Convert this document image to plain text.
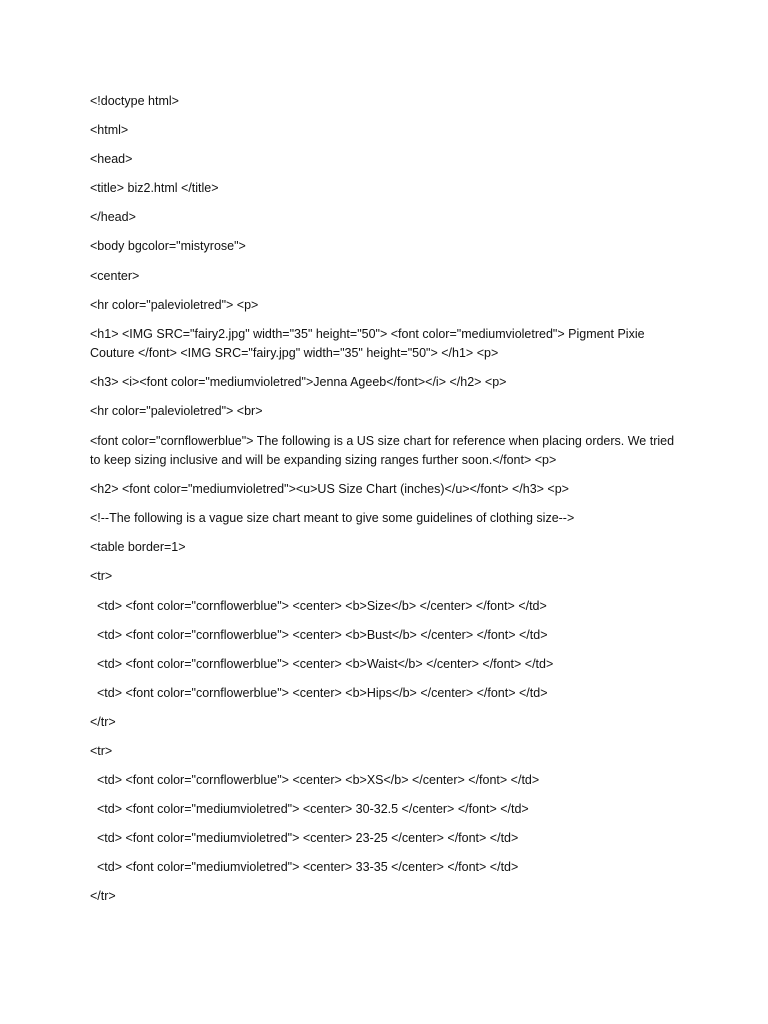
<!doctype html>
<html>
<head>
<title> biz2.html </title>
</head>
<body bgcolor="mistyrose">
<center>
<hr color="palevioletred"> <p>
<h1> <IMG SRC="fairy2.jpg" width="35" height="50"> <font color="mediumvioletred"> Pigment Pixie Couture </font> <IMG SRC="fairy.jpg" width="35" height="50"> </h1> <p>
<h3> <i><font color="mediumvioletred">Jenna Ageeb</font></i> </h2> <p>
<hr color="palevioletred"> <br>
<font color="cornflowerblue"> The following is a US size chart for reference when placing orders. We tried to keep sizing inclusive and will be expanding sizing ranges further soon.</font> <p>
<h2> <font color="mediumvioletred"><u>US Size Chart (inches)</u></font> </h3> <p>
<!--The following is a vague size chart meant to give some guidelines of clothing size-->
<table border=1>
<tr>
<td> <font color="cornflowerblue"> <center> <b>Size</b> </center> </font> </td>
<td> <font color="cornflowerblue"> <center> <b>Bust</b> </center> </font> </td>
<td> <font color="cornflowerblue"> <center> <b>Waist</b> </center> </font> </td>
<td> <font color="cornflowerblue"> <center> <b>Hips</b> </center> </font> </td>
</tr>
<tr>
<td> <font color="cornflowerblue"> <center> <b>XS</b> </center> </font> </td>
<td> <font color="mediumvioletred"> <center> 30-32.5 </center> </font> </td>
<td> <font color="mediumvioletred"> <center> 23-25 </center> </font> </td>
<td> <font color="mediumvioletred"> <center> 33-35 </center> </font> </td>
</tr>
